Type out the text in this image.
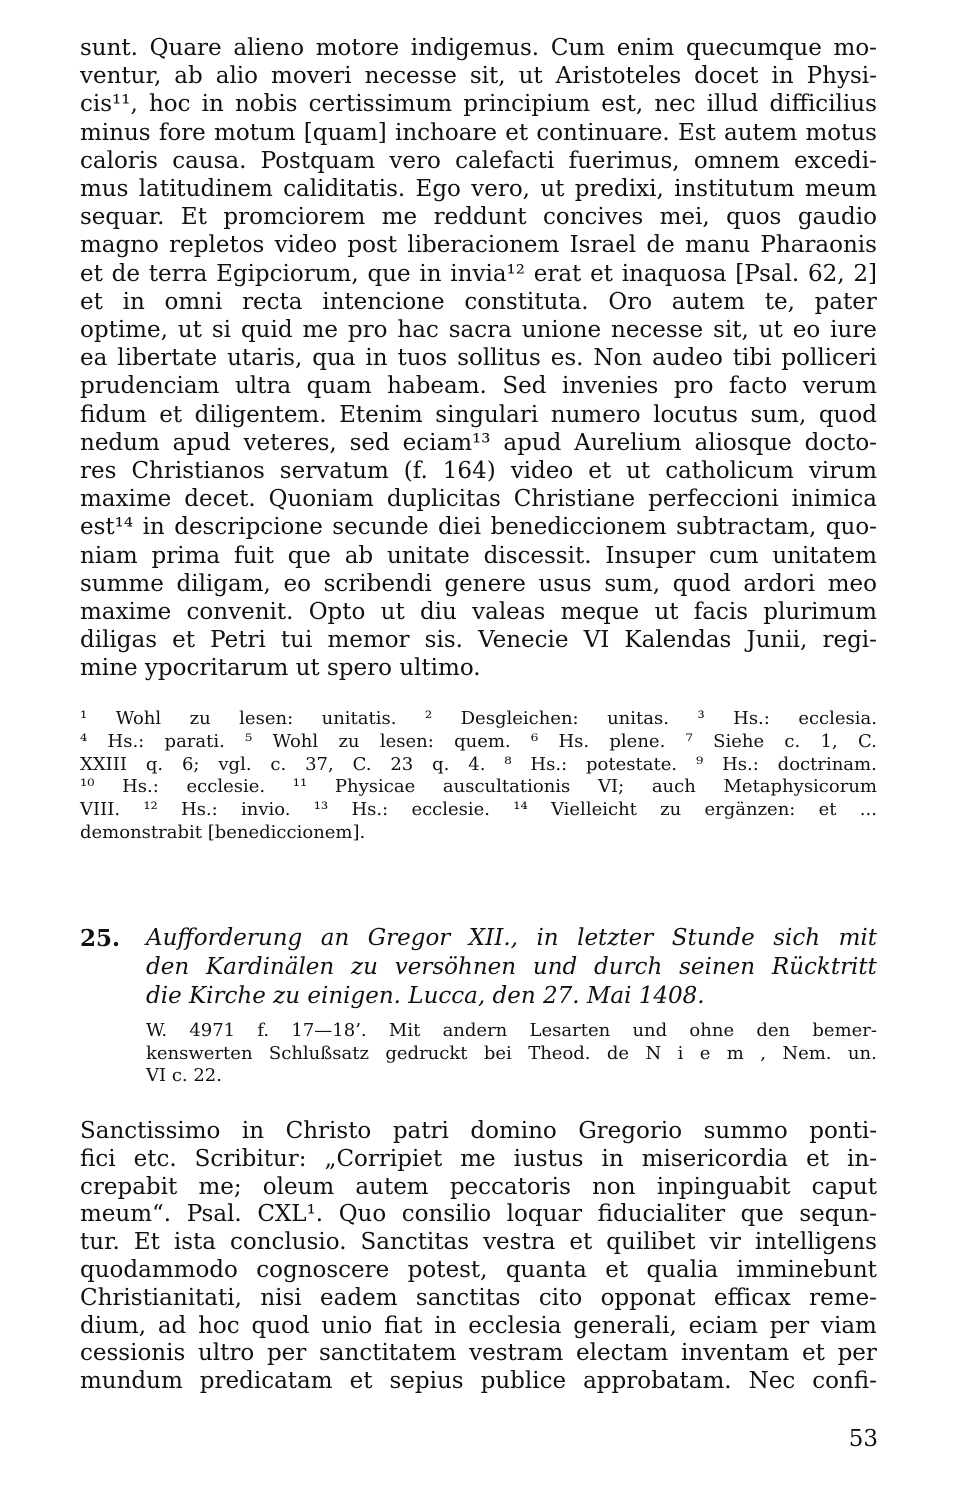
sunt. Quare alieno motore indigemus. Cum enim quecumque mo-
ventur, ab alio moveri necesse sit, ut Aristoteles docet in Physi-
cis¹¹, hoc in nobis certissimum principium est, nec illud difficilius
minus fore motum [quam] inchoare et continuare. Est autem motus
caloris causa. Postquam vero calefacti fuerimus, omnem excedi-
mus latitudinem caliditatis. Ego vero, ut predixi, institutum meum
sequar. Et promciorem me reddunt concives mei, quos gaudio
magno repletos video post liberacionem Israel de manu Pharaonis
et de terra Egipciorum, que in invia¹² erat et inaquosa [Psal. 62, 2]
et in omni recta intencione constituta. Oro autem te, pater
optime, ut si quid me pro hac sacra unione necesse sit, ut eo iure
ea libertate utaris, qua in tuos sollitus es. Non audeo tibi polliceri
prudenciam ultra quam habeam. Sed invenies pro facto verum
fidum et diligentem. Etenim singulari numero locutus sum, quod
nedum apud veteres, sed eciam¹³ apud Aurelium aliosque docto-
res Christianos servatum (f. 164) video et ut catholicum virum
maxime decet. Quoniam duplicitas Christiane perfeccioni inimica
est¹⁴ in descripcione secunde diei benediccionem subtractam, quo-
niam prima fuit que ab unitate discessit. Insuper cum unitatem
summe diligam, eo scribendi genere usus sum, quod ardori meo
maxime convenit. Opto ut diu valeas meque ut facis plurimum
diligas et Petri tui memor sis. Venecie VI Kalendas Junii, regi-
mine ypocritarum ut spero ultimo.
¹ Wohl zu lesen: unitatis. ² Desgleichen: unitas. ³ Hs.: ecclesia.
⁴ Hs.: parati. ⁵ Wohl zu lesen: quem. ⁶ Hs. plene. ⁷ Siehe c. 1, C.
XXIII q. 6; vgl. c. 37, C. 23 q. 4. ⁸ Hs.: potestate. ⁹ Hs.: doctrinam.
¹⁰ Hs.: ecclesie. ¹¹ Physicae auscultationis VI; auch Metaphysicorum
VIII. ¹² Hs.: invio. ¹³ Hs.: ecclesie. ¹⁴ Vielleicht zu ergänzen: et ...
demonstrabit [benediccionem].
25. Aufforderung an Gregor XII., in letzter Stunde sich mit
den Kardinälen zu versöhnen und durch seinen Rücktritt
die Kirche zu einigen. Lucca, den 27. Mai 1408.
W. 4971 f. 17—18’. Mit andern Lesarten und ohne den bemer-
kenswerten Schlußsatz gedruckt bei Theod. de N i e m , Nem. un.
VI c. 22.
Sanctissimo in Christo patri domino Gregorio summo ponti-
fici etc. Scribitur: „Corripiet me iustus in misericordia et in-
crepabit me; oleum autem peccatoris non inpinguabit caput
meum“. Psal. CXL¹. Quo consilio loquar fiducialiter que sequn-
tur. Et ista conclusio. Sanctitas vestra et quilibet vir intelligens
quodammodo cognoscere potest, quanta et qualia imminebunt
Christianitati, nisi eadem sanctitas cito opponat efficax reme-
dium, ad hoc quod unio fiat in ecclesia generali, eciam per viam
cessionis ultro per sanctitatem vestram electam inventam et per
mundum predicatam et sepius publice approbatam. Nec confi-
53
